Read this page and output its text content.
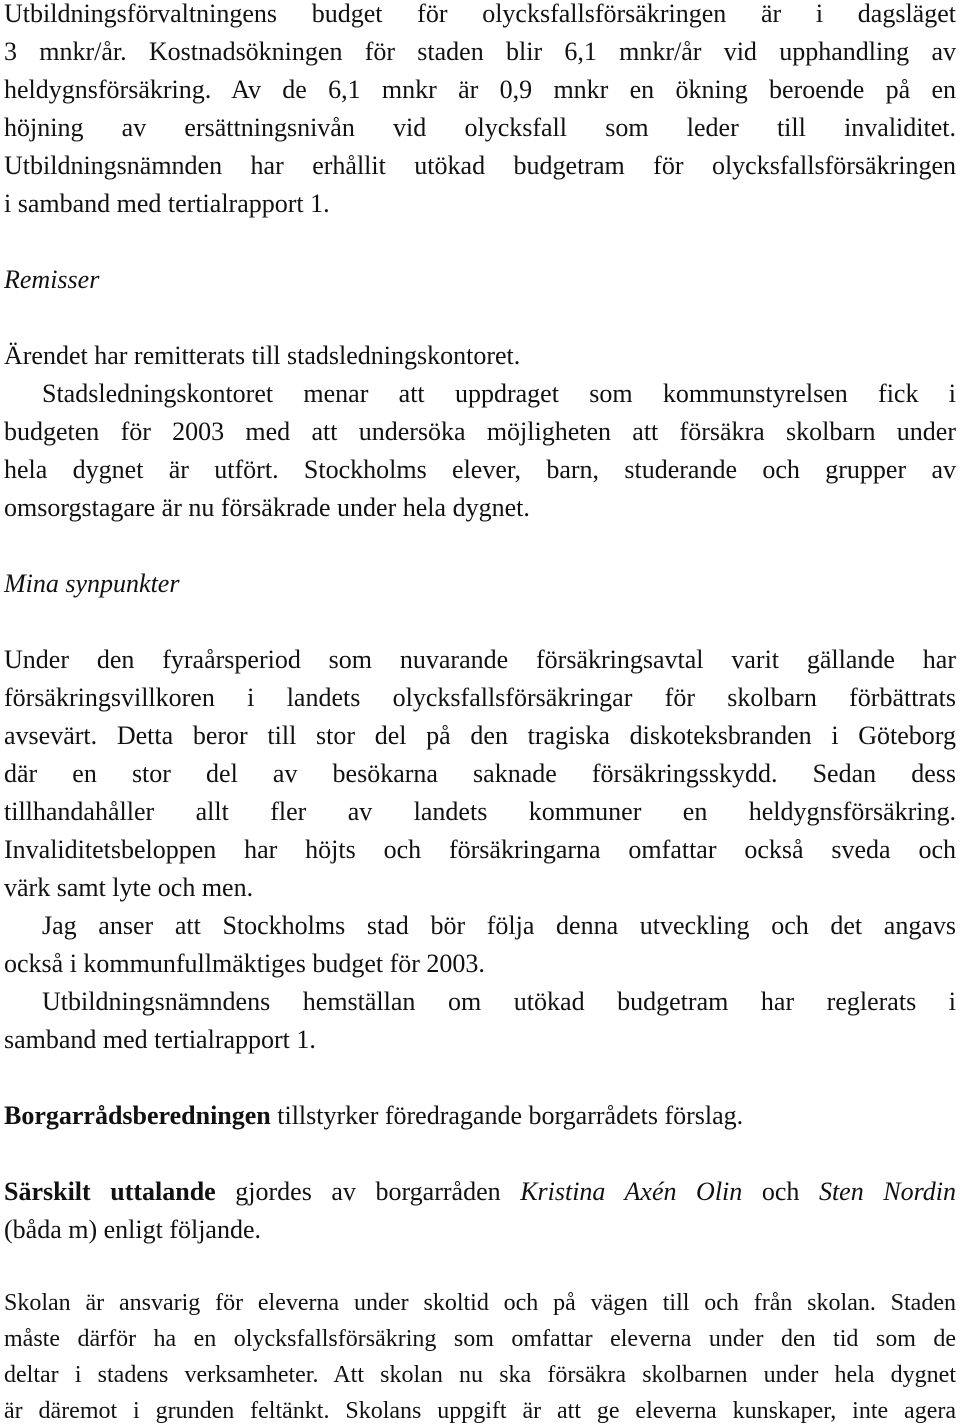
Utbildningsförvaltningens budget för olycksfallsförsäkringen är i dagsläget
3 mnkr/år. Kostnadsökningen för staden blir 6,1 mnkr/år vid upphandling av
heldygnsförsäkring. Av de 6,1 mnkr är 0,9 mnkr en ökning beroende på en
höjning av ersättningsnivån vid olycksfall som leder till invaliditet.
Utbildningsnämnden har erhållit utökad budgetram för olycksfallsförsäkringen
i samband med tertialrapport 1.
Remisser
Ärendet har remitterats till stadsledningskontoret.
Stadsledningskontoret menar att uppdraget som kommunstyrelsen fick i
budgeten för 2003 med att undersöka möjligheten att försäkra skolbarn under
hela dygnet är utfört. Stockholms elever, barn, studerande och grupper av
omsorgstagare är nu försäkrade under hela dygnet.
Mina synpunkter
Under den fyraårsperiod som nuvarande försäkringsavtal varit gällande har
försäkringsvillkoren i landets olycksfallsförsäkringar för skolbarn förbättrats
avsevärt. Detta beror till stor del på den tragiska diskoteksbranden i Göteborg
där en stor del av besökarna saknade försäkringsskydd. Sedan dess
tillhandahåller allt fler av landets kommuner en heldygnsförsäkring.
Invaliditetsbeloppen har höjts och försäkringarna omfattar också sveda och
värk samt lyte och men.
Jag anser att Stockholms stad bör följa denna utveckling och det angavs
också i kommunfullmäktiges budget för 2003.
Utbildningsnämndens hemställan om utökad budgetram har reglerats i
samband med tertialrapport 1.
Borgarrådsberedningen tillstyrker föredragande borgarrådets förslag.
Särskilt uttalande gjordes av borgarråden Kristina Axén Olin och Sten Nordin
(båda m) enligt följande.
Skolan är ansvarig för eleverna under skoltid och på vägen till och från skolan. Staden
måste därför ha en olycksfallsförsäkring som omfattar eleverna under den tid som de
deltar i stadens verksamheter. Att skolan nu ska försäkra skolbarnen under hela dygnet
är däremot i grunden feltänkt. Skolans uppgift är att ge eleverna kunskaper, inte agera
